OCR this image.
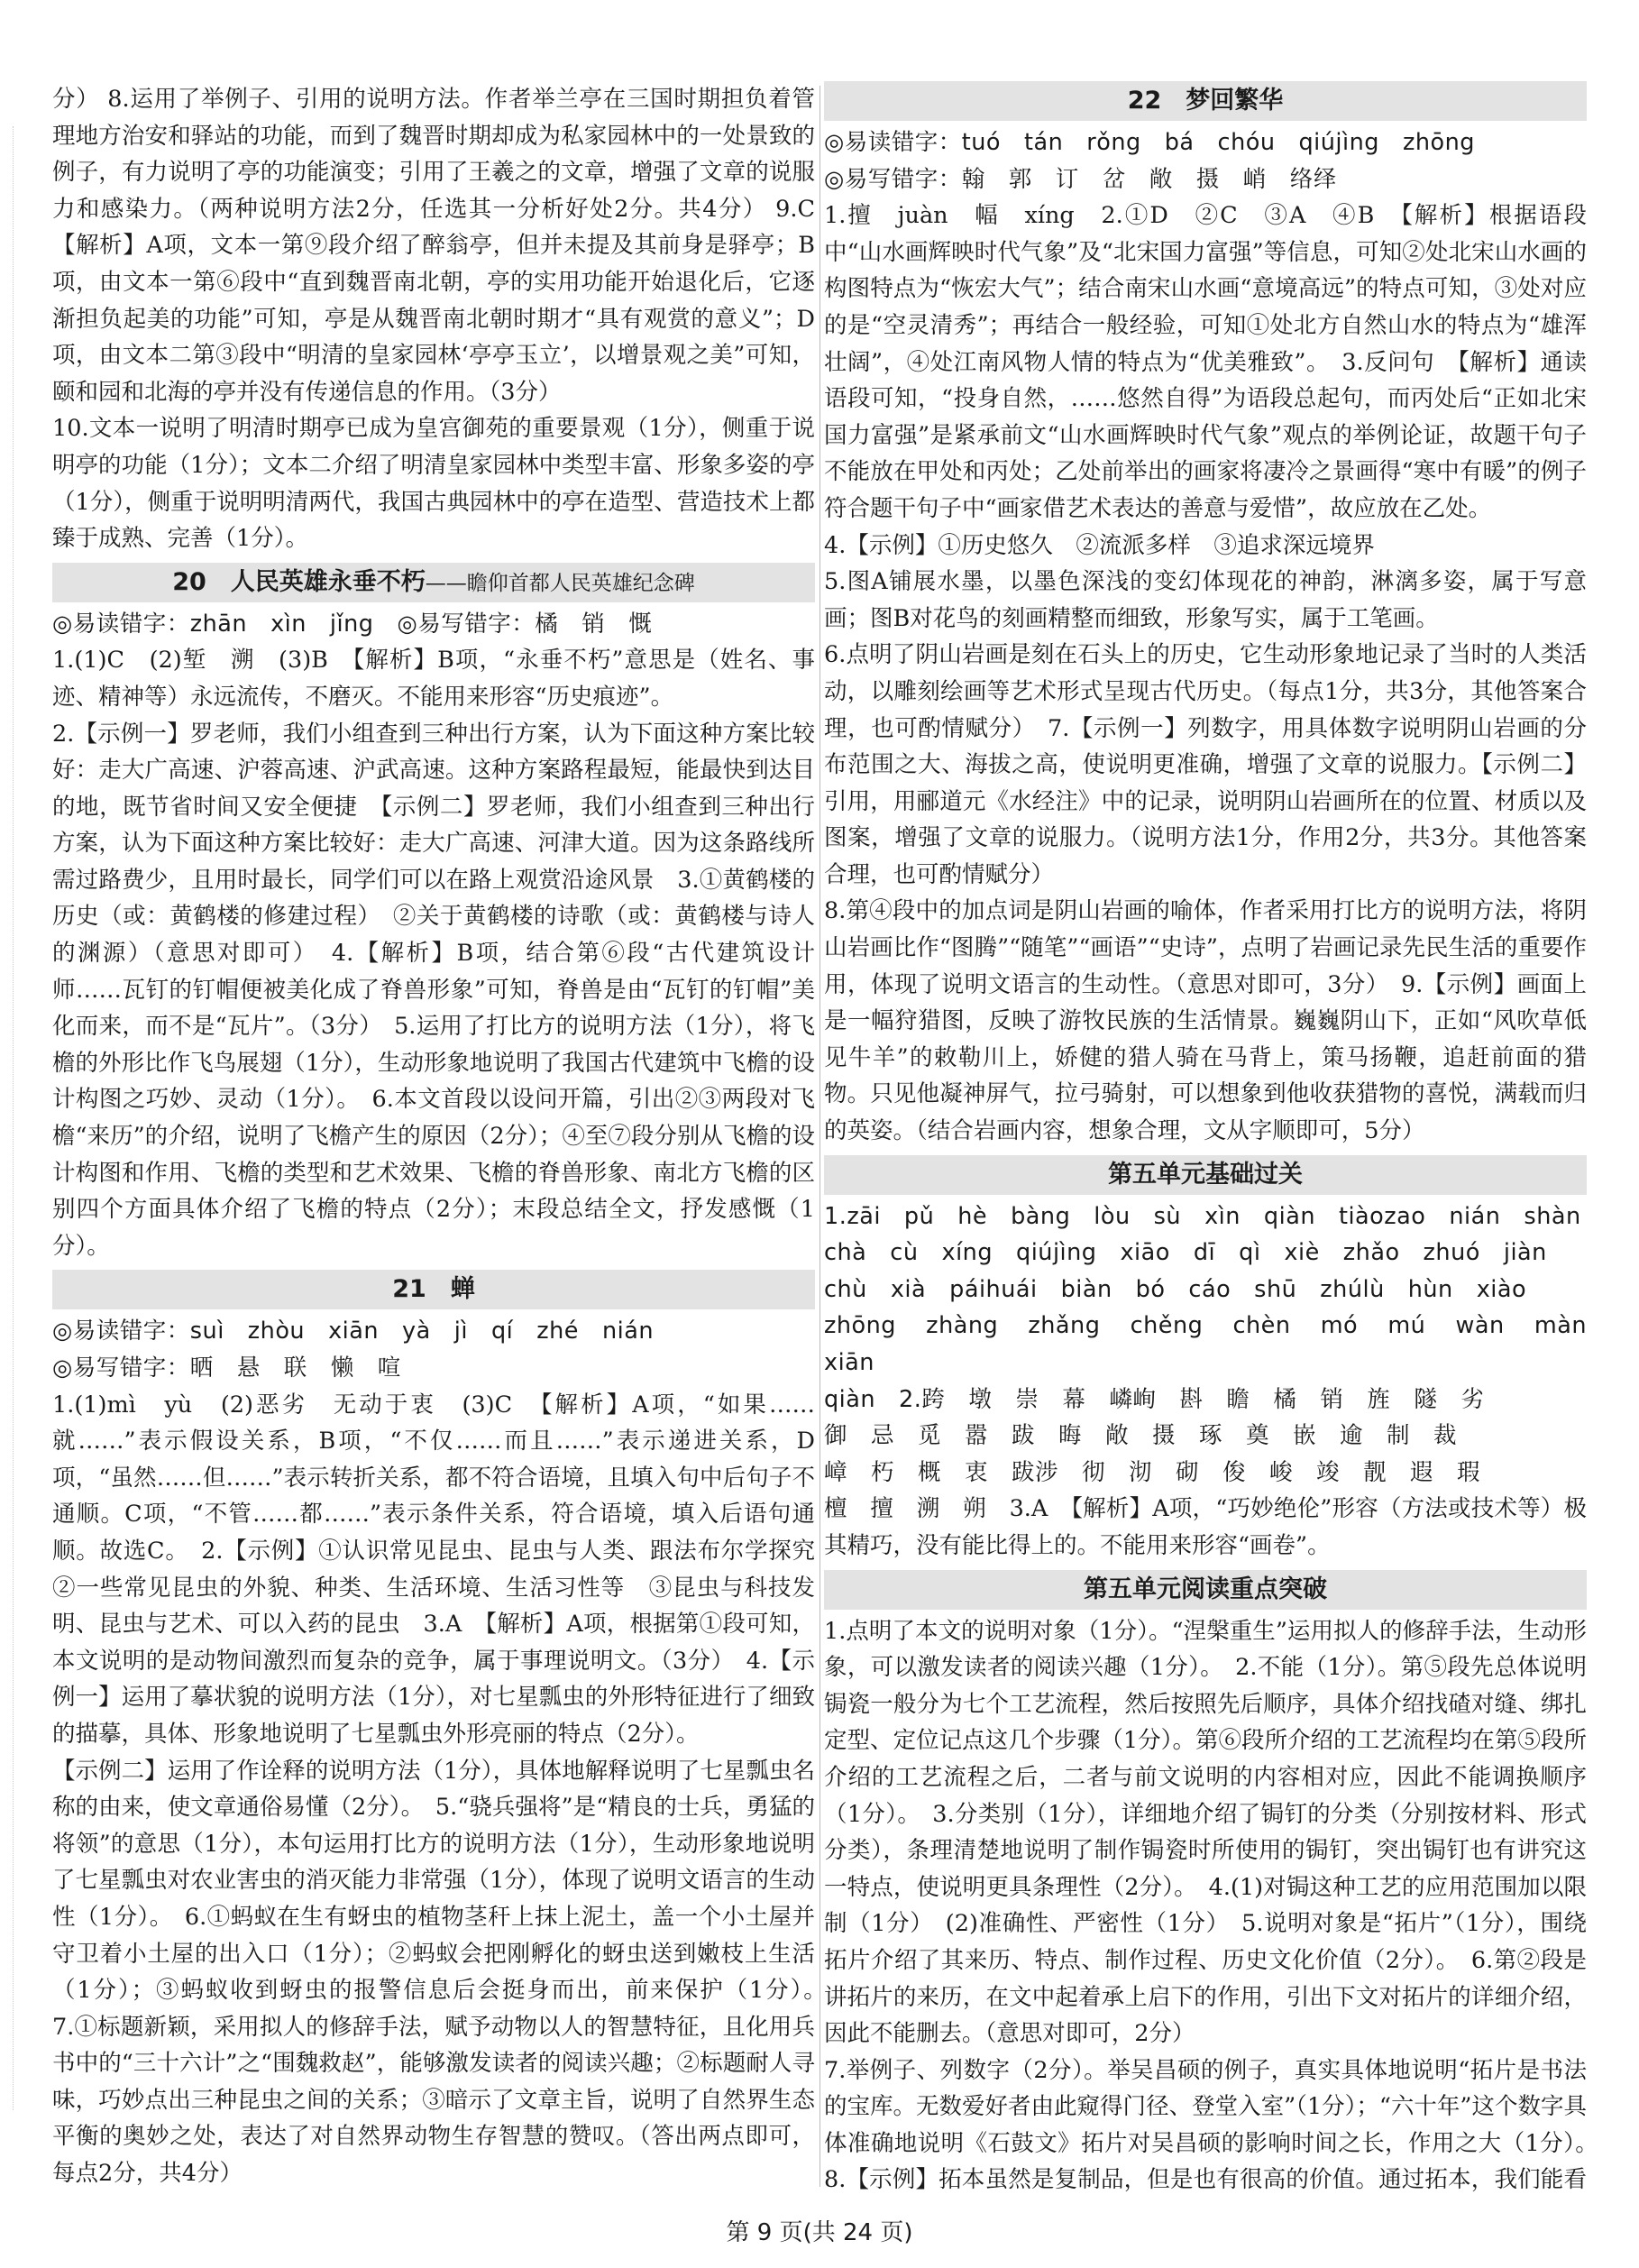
分） 8.运用了举例子、引用的说明方法。作者举兰亭在三国时期担负着管理地方治安和驿站的功能，而到了魏晋时期却成为私家园林中的一处景致的例子，有力说明了亭的功能演变；引用了王羲之的文章，增强了文章的说服力和感染力。（两种说明方法2分，任选其一分析好处2分。共4分） 9.C 【解析】A项，文本一第⑨段介绍了醉翁亭，但并未提及其前身是驿亭；B项，由文本一第⑥段中“直到魏晋南北朝，亭的实用功能开始退化后，它逐渐担负起美的功能”可知，亭是从魏晋南北朝时期才“具有观赏的意义”；D项，由文本二第③段中“明清的皇家园林‘亭亭玉立’，以增景观之美”可知，颐和园和北海的亭并没有传递信息的作用。（3分）

10.文本一说明了明清时期亭已成为皇宫御苑的重要景观（1分），侧重于说明亭的功能（1分）；文本二介绍了明清皇家园林中类型丰富、形象多姿的亭（1分），侧重于说明明清两代，我国古典园林中的亭在造型、营造技术上都臻于成熟、完善（1分）。

20　人民英雄永垂不朽——瞻仰首都人民英雄纪念碑

◎易读错字：zhān　xìn　jǐng　◎易写错字：橘　销　慨

1.(1)C　(2)堑　溯　(3)B　【解析】B项，“永垂不朽”意思是（姓名、事迹、精神等）永远流传，不磨灭。不能用来形容“历史痕迹”。

2.【示例一】罗老师，我们小组查到三种出行方案，认为下面这种方案比较好：走大广高速、沪蓉高速、沪武高速。这种方案路程最短，能最快到达目的地，既节省时间又安全便捷　【示例二】罗老师，我们小组查到三种出行方案，认为下面这种方案比较好：走大广高速、河津大道。因为这条路线所需过路费少，且用时最长，同学们可以在路上观赏沿途风景　3.①黄鹤楼的历史（或：黄鹤楼的修建过程）　②关于黄鹤楼的诗歌（或：黄鹤楼与诗人的渊源）（意思对即可）　4.【解析】B项，结合第⑥段“古代建筑设计师……瓦钉的钉帽便被美化成了脊兽形象”可知，脊兽是由“瓦钉的钉帽”美化而来，而不是“瓦片”。（3分）　5.运用了打比方的说明方法（1分），将飞檐的外形比作飞鸟展翅（1分），生动形象地说明了我国古代建筑中飞檐的设计构图之巧妙、灵动（1分）。　6.本文首段以设问开篇，引出②③两段对飞檐“来历”的介绍，说明了飞檐产生的原因（2分）；④至⑦段分别从飞檐的设计构图和作用、飞檐的类型和艺术效果、飞檐的脊兽形象、南北方飞檐的区别四个方面具体介绍了飞檐的特点（2分）；末段总结全文，抒发感慨（1分）。

21　蝉

◎易读错字：suì　zhòu　xiān　yà　jì　qí　zhé　nián

◎易写错字：晒　悬　联　懒　喧

1.(1)mì　yù　(2)恶劣　无动于衷　(3)C　【解析】A项，“如果……就……”表示假设关系，B项，“不仅……而且……”表示递进关系，D项，“虽然……但……”表示转折关系，都不符合语境，且填入句中后句子不通顺。C项，“不管……都……”表示条件关系，符合语境，填入后语句通顺。故选C。　2.【示例】①认识常见昆虫、昆虫与人类、跟法布尔学探究　②一些常见昆虫的外貌、种类、生活环境、生活习性等　③昆虫与科技发明、昆虫与艺术、可以入药的昆虫　3.A　【解析】A项，根据第①段可知，本文说明的是动物间激烈而复杂的竞争，属于事理说明文。（3分）　4.【示例一】运用了摹状貌的说明方法（1分），对七星瓢虫的外形特征进行了细致的描摹，具体、形象地说明了七星瓢虫外形亮丽的特点（2分）。

【示例二】运用了作诠释的说明方法（1分），具体地解释说明了七星瓢虫名称的由来，使文章通俗易懂（2分）。　5.“骁兵强将”是“精良的士兵，勇猛的将领”的意思（1分），本句运用打比方的说明方法（1分），生动形象地说明了七星瓢虫对农业害虫的消灭能力非常强（1分），体现了说明文语言的生动性（1分）。　6.①蚂蚁在生有蚜虫的植物茎秆上抹上泥土，盖一个小土屋并守卫着小土屋的出入口（1分）；②蚂蚁会把刚孵化的蚜虫送到嫩枝上生活（1分）；③蚂蚁收到蚜虫的报警信息后会挺身而出，前来保护（1分）。　7.①标题新颖，采用拟人的修辞手法，赋予动物以人的智慧特征，且化用兵书中的“三十六计”之“围魏救赵”，能够激发读者的阅读兴趣；②标题耐人寻味，巧妙点出三种昆虫之间的关系；③暗示了文章主旨，说明了自然界生态平衡的奥妙之处，表达了对自然界动物生存智慧的赞叹。（答出两点即可，每点2分，共4分）

22　梦回繁华

◎易读错字：tuó　tán　rǒng　bá　chóu　qiújìng　zhōng

◎易写错字：翰　郭　订　岔　敞　摄　峭　络绎

1.擅　juàn　幅　xíng　2.①D　②C　③A　④B　【解析】根据语段中“山水画辉映时代气象”及“北宋国力富强”等信息，可知②处北宋山水画的构图特点为“恢宏大气”；结合南宋山水画“意境高远”的特点可知，③处对应的是“空灵清秀”；再结合一般经验，可知①处北方自然山水的特点为“雄浑壮阔”，④处江南风物人情的特点为“优美雅致”。　3.反问句　【解析】通读语段可知，“投身自然，……悠然自得”为语段总起句，而丙处后“正如北宋国力富强”是紧承前文“山水画辉映时代气象”观点的举例论证，故题干句子不能放在甲处和丙处；乙处前举出的画家将凄冷之景画得“寒中有暖”的例子符合题干句子中“画家借艺术表达的善意与爱惜”，故应放在乙处。

4.【示例】①历史悠久　②流派多样　③追求深远境界

5.图A铺展水墨，以墨色深浅的变幻体现花的神韵，淋漓多姿，属于写意画；图B对花鸟的刻画精整而细致，形象写实，属于工笔画。

6.点明了阴山岩画是刻在石头上的历史，它生动形象地记录了当时的人类活动，以雕刻绘画等艺术形式呈现古代历史。（每点1分，共3分，其他答案合理，也可酌情赋分）　7.【示例一】列数字，用具体数字说明阴山岩画的分布范围之大、海拔之高，使说明更准确，增强了文章的说服力。【示例二】引用，用郦道元《水经注》中的记录，说明阴山岩画所在的位置、材质以及图案，增强了文章的说服力。（说明方法1分，作用2分，共3分。其他答案合理，也可酌情赋分）

8.第④段中的加点词是阴山岩画的喻体，作者采用打比方的说明方法，将阴山岩画比作“图腾”“随笔”“画语”“史诗”，点明了岩画记录先民生活的重要作用，体现了说明文语言的生动性。（意思对即可，3分）　9.【示例】画面上是一幅狩猎图，反映了游牧民族的生活情景。巍巍阴山下，正如“风吹草低见牛羊”的敕勒川上，娇健的猎人骑在马背上，策马扬鞭，追赶前面的猎物。只见他凝神屏气，拉弓骑射，可以想象到他收获猎物的喜悦，满载而归的英姿。（结合岩画内容，想象合理，文从字顺即可，5分）

第五单元基础过关

1.zāi　pǔ　hè　bàng　lòu　sù　xìn　qiàn　tiàozao　nián　shàn

chà　cù　xíng　qiújìng　xiāo　dī　qì　xiè　zhǎo　zhuó　jiàn

chù　xià　páihuái　biàn　bó　cáo　shū　zhúlù　hùn　xiào

zhōng　zhàng　zhǎng　chěng　chèn　mó　mú　wàn　màn　xiān

qiàn　2.跨　墩　崇　幕　嶙峋　斟　瞻　橘　销　旌　隧　劣

御　忌　觅　嚣　跋　晦　敞　摄　琢　奠　嵌　逾　制　裁

嶂　朽　概　衷　跋涉　彻　沏　砌　俊　峻　竣　靓　遐　瑕

檀　擅　溯　朔　3.A　【解析】A项，“巧妙绝伦”形容（方法或技术等）极其精巧，没有能比得上的。不能用来形容“画卷”。

第五单元阅读重点突破

1.点明了本文的说明对象（1分）。“涅槃重生”运用拟人的修辞手法，生动形象，可以激发读者的阅读兴趣（1分）。　2.不能（1分）。第⑤段先总体说明锔瓷一般分为七个工艺流程，然后按照先后顺序，具体介绍找碴对缝、绑扎定型、定位记点这几个步骤（1分）。第⑥段所介绍的工艺流程均在第⑤段所介绍的工艺流程之后，二者与前文说明的内容相对应，因此不能调换顺序（1分）。　3.分类别（1分），详细地介绍了锔钉的分类（分别按材料、形式分类），条理清楚地说明了制作锔瓷时所使用的锔钉，突出锔钉也有讲究这一特点，使说明更具条理性（2分）。　4.(1)对锔这种工艺的应用范围加以限制（1分）　(2)准确性、严密性（1分）　5.说明对象是“拓片”（1分），围绕拓片介绍了其来历、特点、制作过程、历史文化价值（2分）。　6.第②段是讲拓片的来历，在文中起着承上启下的作用，引出下文对拓片的详细介绍，因此不能删去。（意思对即可，2分）

7.举例子、列数字（2分）。举吴昌硕的例子，真实具体地说明“拓片是书法的宝库。无数爱好者由此窥得门径、登堂入室”（1分）；“六十年”这个数字具体准确地说明《石鼓文》拓片对吴昌硕的影响时间之长，作用之大（1分）。　8.【示例】拓本虽然是复制品，但是也有很高的价值。通过拓本，我们能看

第 9 页(共 24 页)
